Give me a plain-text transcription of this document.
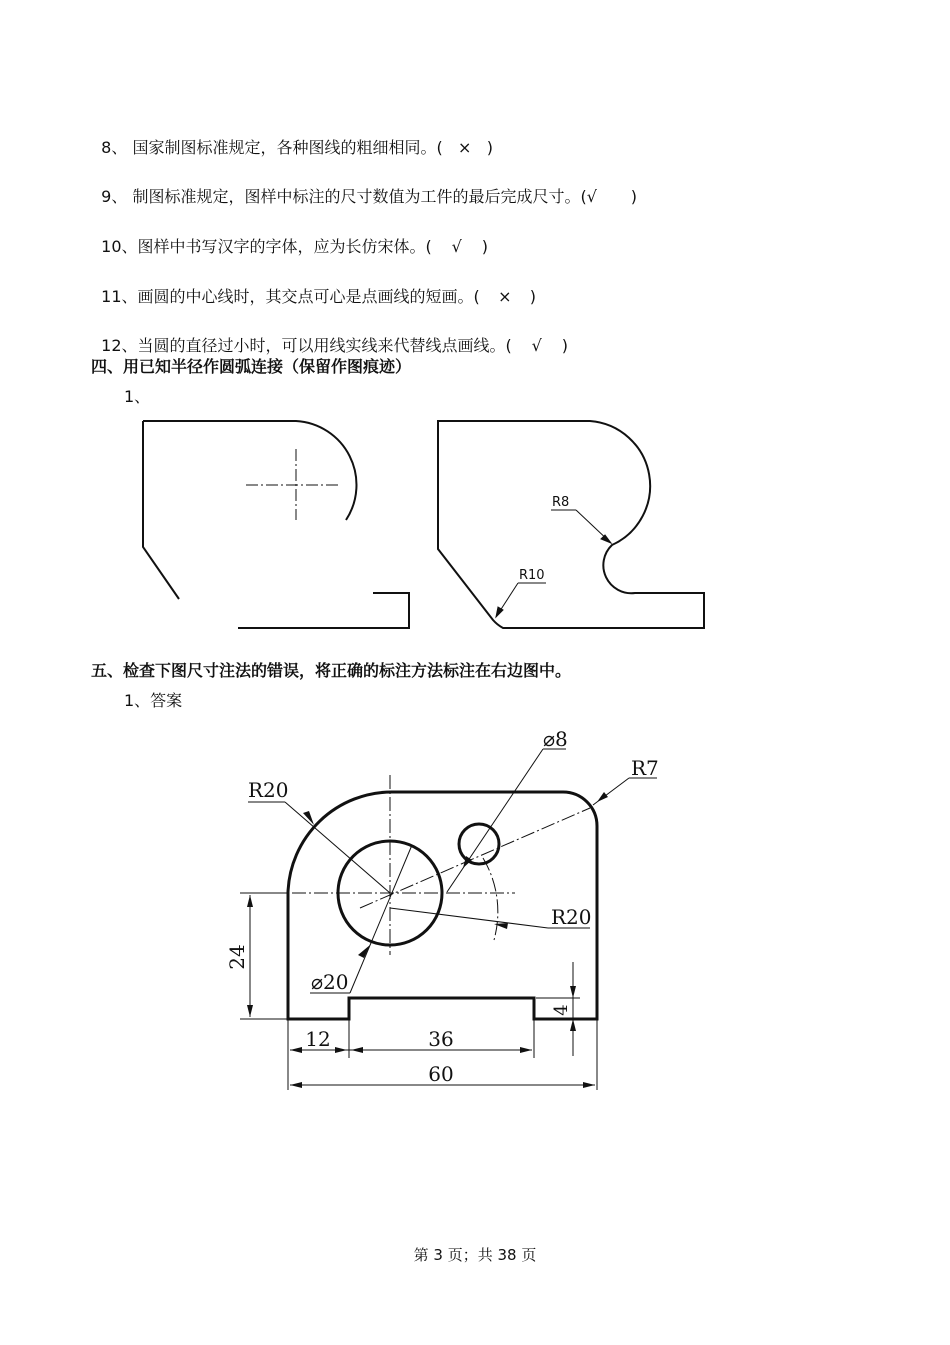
8、 国家制图标准规定，各种图线的粗细相同。( × )

9、 制图标准规定，图样中标注的尺寸数值为工件的最后完成尺寸。(√ )

10、图样中书写汉字的字体，应为长仿宋体。( √ )

11、画圆的中心线时，其交点可心是点画线的短画。( × )

12、当圆的直径过小时，可以用线实线来代替线点画线。( √ )

四、用已知半径作圆弧连接（保留作图痕迹）
1、
R8
R10
五、检查下图尺寸注法的错误，将正确的标注方法标注在右边图中。
1、答案
24
4
R20
⌀8
R7
R20
⌀20
12	36
60
第 3 页；共 38 页
